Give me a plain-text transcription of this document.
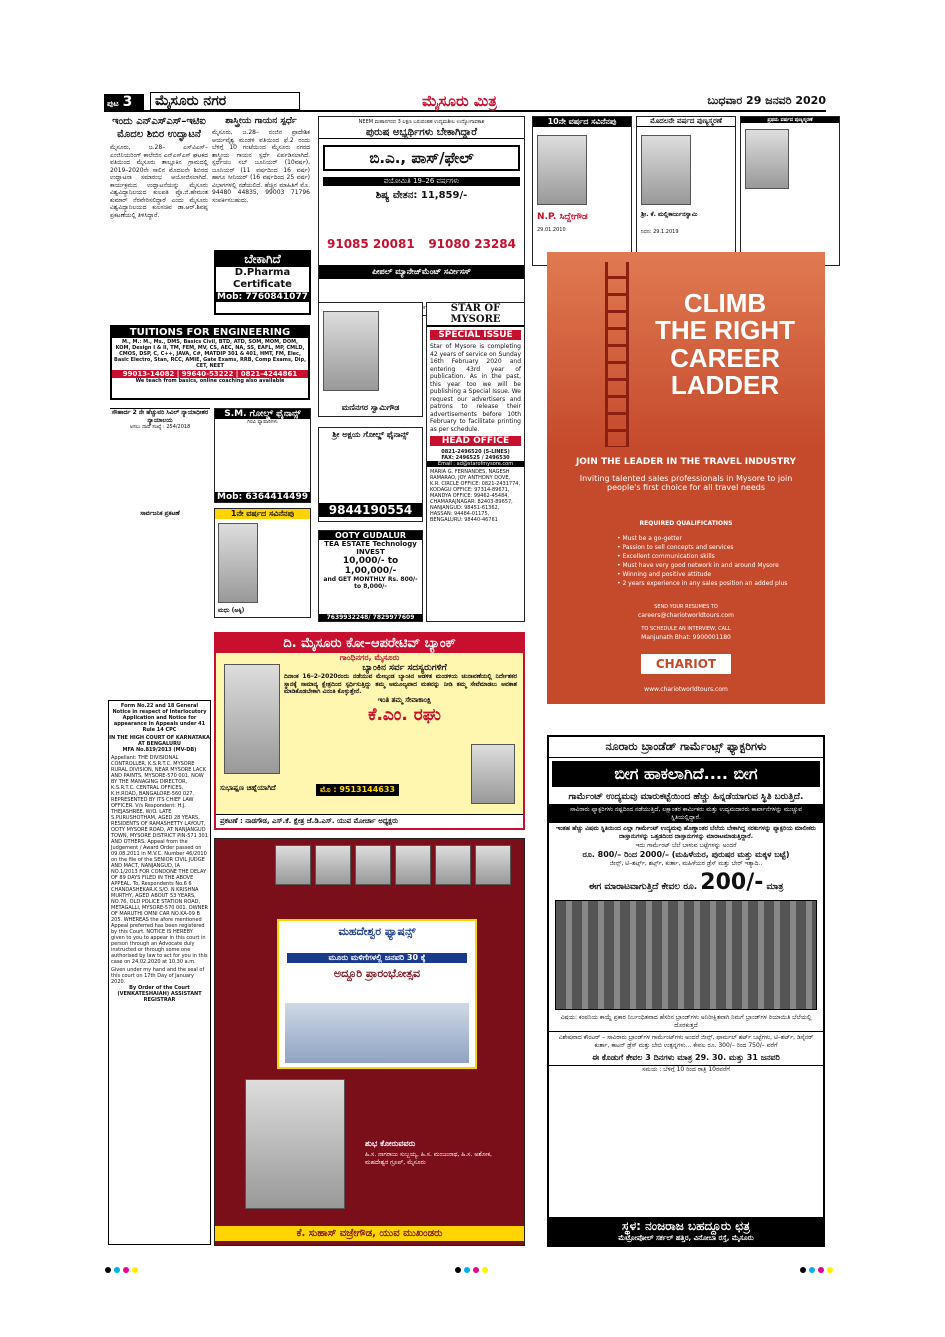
ಪುಟ 3	ಮೈಸೂರು ನಗರ	ಮೈಸೂರು ಮಿತ್ರ	ಬುಧವಾರ 29 ಜನವರಿ 2020
ಇಂದು ಎನ್‌ಎಸ್‌ಎಸ್–ಇಟಿಐ ಮೊದಲ ಶಿಬಿರ ಉದ್ಘಾಟನೆ
ಮೈಸೂರು, ಜ.28– ಎಸ್‌ವಿಎಸ್– ಎಂಜಿನಿಯರಿಂಗ್ ಕಾಲೇಜಿನ ಎನ್‌ಎಸ್‌ಎಸ್ ಘಟಕದ ವತಿಯಿಂದ ಮೈಸೂರು ತಾಲ್ಲೂಕಿನ ಗ್ರಾಮದಲ್ಲಿ 2019–2020ನೇ ಸಾಲಿನ ಮೊದಲನೇ ಶಿಬಿರದ ಉದ್ಘಾಟನಾ ಸಮಾರಂಭ ಆಯೋಜಿಸಲಾಗಿದೆ. ಕಾರ್ಯಕ್ರಮದ ಉದ್ಘಾಟನೆಯನ್ನು ಮೈಸೂರು ವಿಶ್ವವಿದ್ಯಾನಿಲಯದ ಕುಲಪತಿ ಪ್ರೊ.ಜಿ.ಹೇಮಂತ ಕುಮಾರ್ ನೆರವೇರಿಸಲಿದ್ದಾರೆ ಎಂದು ಮೈಸೂರು ವಿಶ್ವವಿದ್ಯಾನಿಲಯದ ಕುಲಸಚಿವ ಡಾ.ಆರ್.ಶಿವಪ್ಪ ಪ್ರಕಟಣೆಯಲ್ಲಿ ತಿಳಿಸಿದ್ದಾರೆ.
ಶಾಸ್ತ್ರೀಯ ಗಾಯನ ಸ್ಪರ್ಧೆ
ಮೈಸೂರು, ಜ.28– ನಂಜಿನ ಪ್ರಾದೇಶಿಕ ಆರ್ಯವೈಶ್ಯ ಮಂಡಳಿ ವತಿಯಿಂದ ಫೆ.2 ರಂದು ಬೆಳಿಗ್ಗೆ 10 ಗಂಟೆಯಿಂದ ಮೈಸೂರು ನಗರದ ಶಾಸ್ತ್ರೀಯ ಗಾಯನ ಸ್ಪರ್ಧೆ ಏರ್ಪಡಿಸಲಾಗಿದೆ. ಸ್ಪರ್ಧೆಯು ಸಬ್ ಜೂನಿಯರ್ (10ವರ್ಷ), ಜೂನಿಯರ್ (11 ವರ್ಷದಿಂದ 16 ವರ್ಷ) ಹಾಗೂ ಸೀನಿಯರ್ (16 ವರ್ಷದಿಂದ 25 ವರ್ಷ) ವಿಭಾಗಗಳಲ್ಲಿ ನಡೆಯಲಿದೆ. ಹೆಚ್ಚಿನ ಮಾಹಿತಿಗೆ ಮೊ. 94480 44835, 99003 71796 ಸಂಪರ್ಕಿಸಬಹುದು.
NEEM ಮಹಾನಗರದ 3 ಲಕ್ಷಣ ಬರುವಂತಹ ಉದ್ಯಮಶೀಲ ಉದ್ಯೋಗಾವಕಾಶ
ಪುರುಷ ಅಭ್ಯರ್ಥಿಗಳು ಬೇಕಾಗಿದ್ದಾರೆ
ಬಿ.ಎ., ಪಾಸ್/ಫೇಲ್
ವಯೋಮಿತಿ 19–26 ವರ್ಷಗಳು
ಶಿಷ್ಯ ವೇತನ: 11,859/-
91085 20081 91080 23284
ಪೀಪಲ್ ಮ್ಯಾನೇಜ್‌ಮೆಂಟ್ ಸರ್ವೀಸಸ್
ಬೇಕಾಗಿದೆ
D.Pharma Certificate
Mob: 7760841077
10ನೇ ವರ್ಷದ ಸವಿನೆನಪು
N.P. ಸಿದ್ದೇಗೌಡ
29.01.2010
ಮೊದಲನೇ ವರ್ಷದ ಪುಣ್ಯಸ್ಮರಣೆ
ಶ್ರೀ. ಕೆ. ಮಲ್ಲಿಕಾರ್ಜುನಸ್ವಾಮಿ
ನಿಧನ: 29.1.2019
ಪ್ರಥಮ ವರ್ಷದ ಪುಣ್ಯಸ್ಮರಣೆ
TUITIONS FOR ENGINEERING
M., M.: M., Ms., DMS, Basics Civil, BTD, ATD, SOM, MOM, DOM, KOM, Design I & II, TM, FEM, MV, CS, AEC, NA, SS, EAFL, MP, CMLD, CMOS, DSP, C, C++, JAVA, C#, MATDIP 301 & 401, HMT, FM, Elec, Basic Electro, Stan, RCC, AMIE, Gate Exams, RRB, Comp Exams, Dip, CET, NEET
99013-14082 | 99640-53222 | 0821-4244861
We teach from basics, online coaching also available
ಮಣಿನಗರ ಸ್ವಾಮಿಗೌಡ
STAR OF MYSORE
SPECIAL ISSUE
Star of Mysore is completing 42 years of service on Sunday 16th February 2020 and entering 43rd year of publication. As in the past, this year too we will be publishing a Special Issue. We request our advertisers and patrons to release their advertisements before 10th February to facilitate printing as per schedule.
HEAD OFFICE
0821-2496520 (5-LINES)
FAX: 2496525 / 2496530
Email : ad@starofmysore.com
MARIA G. FERNANDES, NAGESH RAMARAO, JOY ANTHONY DOVE, K.R. CIRCLE OFFICE: 0821-2431774, KODAGU OFFICE: 97314-89671, MANDYA OFFICE: 99462-45484, CHAMARAJNAGAR: 82403-89657, NANJANGUD: 98451-61362, HASSAN: 94484-01175, BENGALURU: 98440-46761
ಸೌಹಾರ್ದ 2 ನೇ ಹೆಚ್ಚುವರಿ ಸಿವಿಲ್ ನ್ಯಾಯಾಧೀಶರ ನ್ಯಾಯಾಲಯ
ಅಸಲು ದಾವೆ ಸಂಖ್ಯೆ : 254/2018
ಸಾರ್ವಜನಿಕ ಪ್ರಕಟಣೆ
S.M. ಗೋಲ್ಡ್ ಫೈನಾನ್ಸ್
ಗಿರವಿ ವ್ಯಾಪಾರಿಗಳು
Mob: 6364414499
ಶ್ರೀ ಅಕ್ಷಯ ಗೋಲ್ಡ್ ಫೈನಾನ್ಸ್
9844190554
1ನೇ ವರ್ಷದ ಸವಿನೆನಪು
ಮಧು (ಅಕ್ಕಿ)
OOTY GUDALUR
TEA ESTATE Technology INVEST
10,000/- to 1,00,000/-
and GET MONTHLY Rs. 800/- to 8,000/-
7639932248/ 7829977609
CLIMB
THE RIGHT
CAREER
LADDER
JOIN THE LEADER IN THE TRAVEL INDUSTRY
Inviting talented sales professionals in Mysore to join people's first choice for all travel needs
REQUIRED QUALIFICATIONS
• Must be a go-getter
• Passion to sell concepts and services
• Excellent communication skills
• Must have very good network in and around Mysore
• Winning and positive attitude
• 2 years experience in any sales position an added plus
SEND YOUR RESUMES TO
careers@chariotworldtours.com
TO SCHEDULE AN INTERVIEW, CALL
Manjunath Bhat: 9900001180
CHARIOT
www.chariotworldtours.com
Form No.22 and 18 General Notice in respect of Interlocutory Application and Notice for appearance in Appeals under 41 Rule 14 CPC
IN THE HIGH COURT OF KARNATAKA AT BENGALURU
MFA No.819/2013 (MV-DB)
Appellant: THE DIVISIONAL CONTROLLER, K.S.R.T.C. MYSORE RURAL DIVISION, NEAR MYSORE LACK AND PAINTS, MYSORE-570 001. NOW BY THE MANAGING DIRECTOR, K.S.R.T.C. CENTRAL OFFICES, K.H.ROAD, BANGALORE-560 027. REPRESENTED BY ITS CHIEF LAW OFFICER. V/s Respondent: H.J. THEJASHREE, W/O. LATE S.PURUSHOTHAM, AGED 28 YEARS, RESIDENTS OF RAMASHETTY LAYOUT, OOTY MYSORE ROAD, AT NANJANGUD TOWN, MYSORE DISTRICT PIN-571 301 AND OTHERS. Appeal from the Judgement / Award Order passed on 09.08.2011 in M.V.C. Number 46/2010 on the file of the SENIOR CIVIL JUDGE AND MACT, NANJANGUD, IA NO.1/2013 FOR CONDONE THE DELAY OF 89 DAYS FILED IN THE ABOVE APPEAL. To, Respondents No.6 6 CHANDASHEKAR.K S/O. N KRISHNA MURTHY, AGED ABOUT 53 YEARS, NO.76, OLD POLICE STATION ROAD, METAGALLI, MYSORE-570 001. OWNER OF MARUTHI OMNI CAR NO.KA-09 B 205. WHEREAS the afore mentioned Appeal preferred has been registered by this Court. NOTICE IS HEREBY given to you to appear in this court in person through an Advocate duly instructed or through some one authorised by law to act for you in this case on 24.02.2020 at 10.30 a.m.
Given under my hand and the seal of this court on 17th Day of January 2020.
By Order of the Court (VENKATESHAIAH) ASSISTANT REGISTRAR
ದಿ. ಮೈಸೂರು ಕೋ–ಆಪರೇಟಿವ್ ಬ್ಯಾಂಕ್
ಗಾಂಧಿನಗರ, ಮೈಸೂರು
ಬ್ಯಾಂಕಿನ ಸರ್ವ ಸದಸ್ಯರುಗಳಿಗೆ
ದಿನಾಂಕ 16–2–2020ರಂದು ನಡೆಯುವ ಮೇಲ್ಕಂಡ ಬ್ಯಾಂಕಿನ ಆಡಳಿತ ಮಂಡಳಿಯ ಚುನಾವಣೆಯಲ್ಲಿ ನಿರ್ದೇಶಕರ ಸ್ಥಾನಕ್ಕೆ ಸಾಮಾನ್ಯ ಕ್ಷೇತ್ರದಿಂದ ಸ್ಪರ್ಧಿಸುತ್ತಿದ್ದು ತಮ್ಮ ಅಮೂಲ್ಯವಾದ ಮತವನ್ನು ನೀಡಿ ತಮ್ಮ ಸೇವೆಮಾಡಲು ಅವಕಾಶ ಮಾಡಿಕೊಡಬೇಕಾಗಿ ವಿನಂತಿ ಕೊಳ್ಳುತ್ತೇನೆ.
ಇಂತಿ ತಮ್ಮ ಸೇವಾಕಾಂಕ್ಷಿ
ಕೆ.ಎಂ. ರಘು
ಸುಭಾಷ್ಷಣ ಚಿಹ್ನೆಯಾಗಿದೆ	ಮೊ : 9513144633
ಪ್ರಕಟಣೆ : ನಾಡಗೌಡ, ಎಸ್.ಕೆ. ಕ್ಷೇತ್ರ ಜೆ.ಡಿ.ಎಸ್. ಯುವ ಮೋರ್ಚಾ ಅಧ್ಯಕ್ಷರು
ಮಹದೇಶ್ವರ ಫ್ಯಾಷನ್ಸ್
ಮೂರು ಮಳಿಗೆಗಳಲ್ಲಿ ಜನವರಿ 30 ಕ್ಕೆ
ಅದ್ದೂರಿ ಪ್ರಾರಂಭೋತ್ಸವ
ಶುಭ ಕೋರುವವರು
ಹಿ.ಸ. ನಾಗರಾಜು ಸುಬ್ಬಯ್ಯ, ಹಿ.ಸ. ಮಂಜುನಾಥ, ಹಿ.ಸ. ಅಶೋಕ, ಮಹದೇಶ್ವರ ಗ್ರೂಪ್, ಮೈಸೂರು
ಕೆ. ಸುಹಾಸ್ ವಜ್ರೇಗೌಡ, ಯುವ ಮುಖಂಡರು
ನೂರಾರು ಬ್ರಾಂಡೆಡ್ ಗಾರ್ಮೆಂಟ್ಸ್ ಫ್ಯಾಕ್ಟರಿಗಳು
ಬೀಗ ಹಾಕಲಾಗಿದೆ.... ಬೀಗ
ಗಾರ್ಮೆಂಟ್ ಉದ್ಯಮವು ಮಾರುಕಟ್ಟೆಯಿಂದ ಹೆಚ್ಚು ಹಿನ್ನಡೆಯಾಗುವ ಸ್ಥಿತಿ ಬರುತ್ತಿದೆ.
ಸಾವಿರಾರು ಫ್ಯಾಕ್ಟರಿಗಳು ನಷ್ಟದಿಂದ ನಡೆಯುತ್ತಿದೆ, ಲಕ್ಷಾಂತರ ಕಾರ್ಮಿಕರು ಮತ್ತು ಉದ್ಯಮದಾರರು ಕಾರ್ಖಾನೆಗಳನ್ನು ಮುಚ್ಚುವ ಸ್ಥಿತಿಯಲ್ಲಿದ್ದಾರೆ.
ಇಂತಹ ಹೆಚ್ಚು ವಿಷಮ ಸ್ಥಿತಿಯಿಂದ ಎಲ್ಲಾ ಗಾರ್ಮೆಂಟ್ ಉದ್ಯಮವು ಹೊಣ್ಣಾಂತರ ಬೆಲೆಯ ಬೇಕಾಗಿದ್ದ ಸರಕುಗಳನ್ನು ಫ್ಯಾಕ್ಟರಿಯ ಮಾಲೀಕರು ದಾಸ್ತಾನುಗಳನ್ನು ಒತ್ತಡದಿಂದ ದಾಸ್ತಾನುಗಳನ್ನು ಮಾರಾಟಮಾಡುತ್ತಿದ್ದಾರೆ.
ಇದು ಗಾರ್ಮೆಂಟ್ ಬೆಲೆ ಬಾಳುವ ಬಟ್ಟೆಗಳನ್ನು ಅಂದರೆ
ರೂ. 800/– ರಿಂದ 2000/– (ಮಹಿಳೆಯರ, ಪುರುಷರ ಮತ್ತು ಮಕ್ಕಳ ಬಟ್ಟೆ)
ಜೀನ್ಸ್, ಟಿ–ಶರ್ಟ್ಸ್, ಶರ್ಟ್ಸ್, ಕುರ್ತಾ, ಮಹಿಳೆಯರ ಡ್ರೆಸ್ ಮತ್ತು ಬೇರ್ ಇತ್ಯಾದಿ..
ಈಗ ಮಾರಾಟವಾಗುತ್ತಿದೆ ಕೇವಲ ರೂ. 200/- ಮಾತ್ರ
ವಿಷಯ: ಕಂಪನಿಯ ಕಾಯ್ದೆ ಪ್ರಕಾರ ನಿರ್ಬಂಧಿತವಾದ ಹೆಸರಿನ ಬ್ರಾಂಡ್‌ಗಳು ಅನಿರೀಕ್ಷಿತವಾಗಿ ನಿಮಗೆ ಬ್ರಾಂಡ್‌ಗಳ ರಿಯಾಯಿತಿ ಬೆಲೆಯಲ್ಲಿ ದೊರಕುತ್ತದೆ
ವಿಶೇಷವಾದ ಕೌಂಟರ್ – ಸಾವಿರಾರು ಬ್ರಾಂಡ್‌ಗಳ ಗಾರ್ಮೆಂಟ್‌ಗಳು ಅಂದರೆ ಜೀನ್ಸ್, ಫಾರ್ಮಲ್ ಶರ್ಟ್ ಬಟ್ಟೆಗಳು, ಟಿ–ಶರ್ಟ್, ಡಿಸೈನರ್ ಕುರ್ತಾ, ಕಾಟನ್ ಡ್ರೆಸ್ ಮತ್ತು ಬೇಬಿ ಉತ್ಪನ್ನಗಳು... ಕೇವಲ ರೂ. 300/– ರಿಂದ 750/– ವರೆಗೆ
ಈ ಕೊಡುಗೆ ಕೇವಲ 3 ದಿನಗಳು ಮಾತ್ರ 29. 30. ಮತ್ತು 31 ಜನವರಿ
ಸಮಯ : ಬೆಳಿಗ್ಗೆ 10 ರಿಂದ ರಾತ್ರಿ 10ರವರೆಗೆ
ಸ್ಥಳ: ನಂಜರಾಜ ಬಹದ್ದೂರು ಛತ್ರ
ಮೆಟ್ರೋಪೋಲ್ ಸರ್ಕಲ್ ಹತ್ತಿರ, ವಿನೋಬಾ ರಸ್ತೆ, ಮೈಸೂರು
